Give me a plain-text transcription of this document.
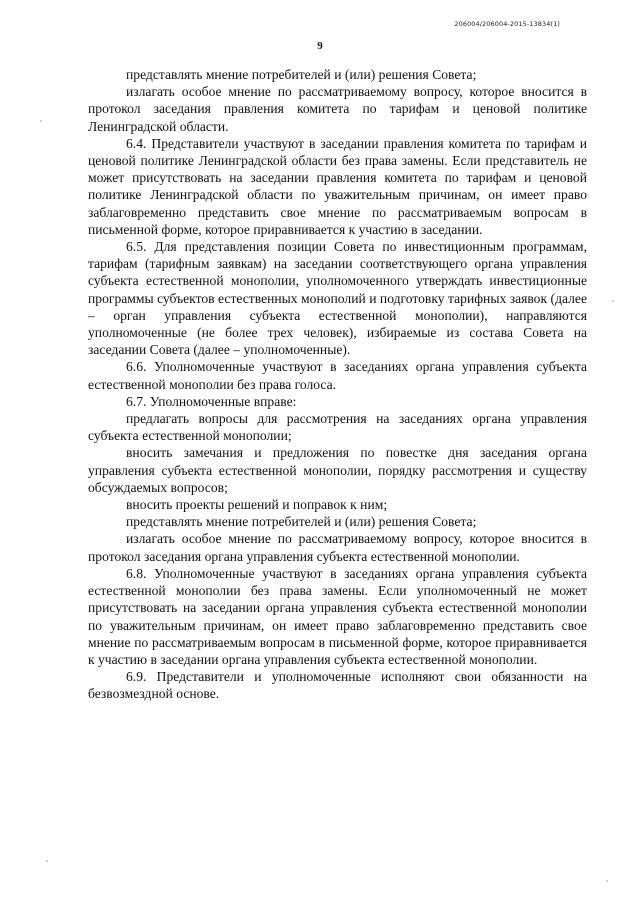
206004/206004-2015-13834(1)
9

представлять мнение потребителей и (или) решения Совета;

излагать особое мнение по рассматриваемому вопросу, которое вносится в протокол заседания правления комитета по тарифам и ценовой политике Ленинградской области.

6.4. Представители участвуют в заседании правления комитета по тарифам и ценовой политике Ленинградской области без права замены. Если представитель не может присутствовать на заседании правления комитета по тарифам и ценовой политике Ленинградской области по уважительным причинам, он имеет право заблаговременно представить свое мнение по рассматриваемым вопросам в письменной форме, которое приравнивается к участию в заседании.

6.5. Для представления позиции Совета по инвестиционным программам, тарифам (тарифным заявкам) на заседании соответствующего органа управления субъекта естественной монополии, уполномоченного утверждать инвестиционные программы субъектов естественных монополий и подготовку тарифных заявок (далее – орган управления субъекта естественной монополии), направляются уполномоченные (не более трех человек), избираемые из состава Совета на заседании Совета (далее – уполномоченные).

6.6. Уполномоченные участвуют в заседаниях органа управления субъекта естественной монополии без права голоса.

6.7. Уполномоченные вправе:

предлагать вопросы для рассмотрения на заседаниях органа управления субъекта естественной монополии;

вносить замечания и предложения по повестке дня заседания органа управления субъекта естественной монополии, порядку рассмотрения и существу обсуждаемых вопросов;

вносить проекты решений и поправок к ним;

представлять мнение потребителей и (или) решения Совета;

излагать особое мнение по рассматриваемому вопросу, которое вносится в протокол заседания органа управления субъекта естественной монополии.

6.8. Уполномоченные участвуют в заседаниях органа управления субъекта естественной монополии без права замены. Если уполномоченный не может присутствовать на заседании органа управления субъекта естественной монополии по уважительным причинам, он имеет право заблаговременно представить свое мнение по рассматриваемым вопросам в письменной форме, которое приравнивается к участию в заседании органа управления субъекта естественной монополии.

6.9. Представители и уполномоченные исполняют свои обязанности на безвозмездной основе.
